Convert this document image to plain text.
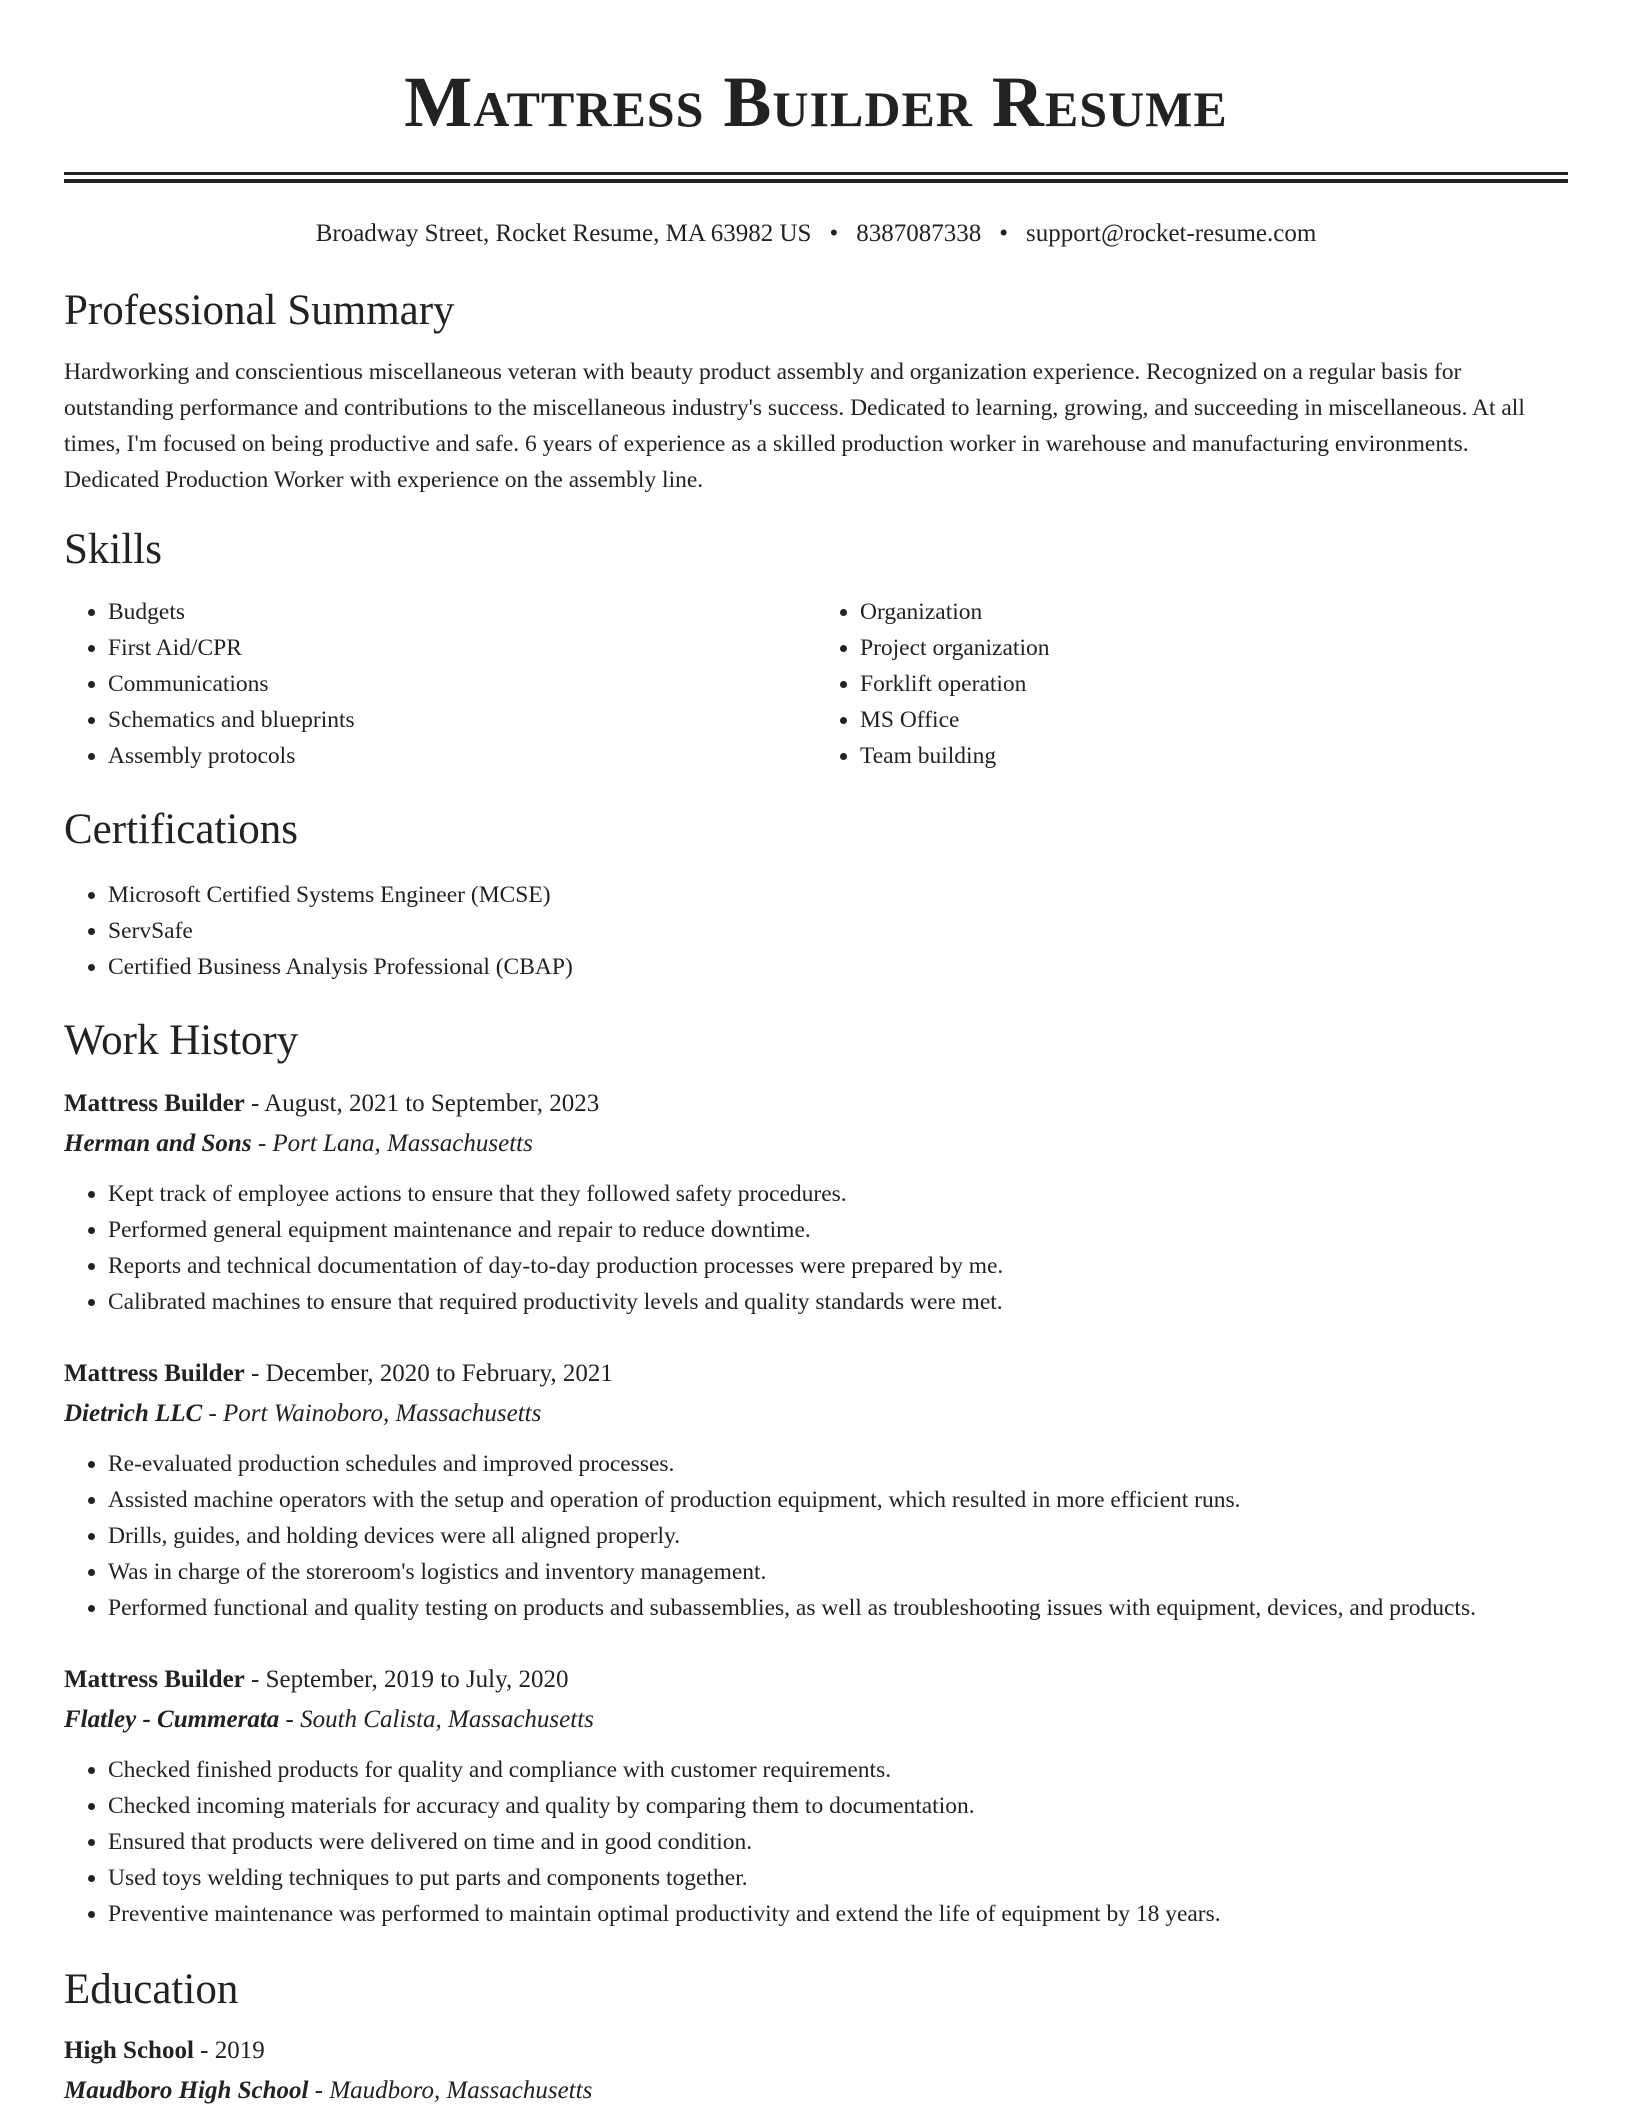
Mattress Builder Resume
Broadway Street, Rocket Resume, MA 63982 US • 8387087338 • support@rocket-resume.com
Professional Summary

Hardworking and conscientious miscellaneous veteran with beauty product assembly and organization experience. Recognized on a regular basis for outstanding performance and contributions to the miscellaneous industry's success. Dedicated to learning, growing, and succeeding in miscellaneous. At all times, I'm focused on being productive and safe. 6 years of experience as a skilled production worker in warehouse and manufacturing environments. Dedicated Production Worker with experience on the assembly line.

Skills
• Budgets
• First Aid/CPR
• Communications
• Schematics and blueprints
• Assembly protocols
• Organization
• Project organization
• Forklift operation
• MS Office
• Team building
Certifications
• Microsoft Certified Systems Engineer (MCSE)
• ServSafe
• Certified Business Analysis Professional (CBAP)
Work History
Mattress Builder - August, 2021 to September, 2023
Herman and Sons - Port Lana, Massachusetts
• Kept track of employee actions to ensure that they followed safety procedures.
• Performed general equipment maintenance and repair to reduce downtime.
• Reports and technical documentation of day-to-day production processes were prepared by me.
• Calibrated machines to ensure that required productivity levels and quality standards were met.
Mattress Builder - December, 2020 to February, 2021
Dietrich LLC - Port Wainoboro, Massachusetts
• Re-evaluated production schedules and improved processes.
• Assisted machine operators with the setup and operation of production equipment, which resulted in more efficient runs.
• Drills, guides, and holding devices were all aligned properly.
• Was in charge of the storeroom's logistics and inventory management.
• Performed functional and quality testing on products and subassemblies, as well as troubleshooting issues with equipment, devices, and products.
Mattress Builder - September, 2019 to July, 2020
Flatley - Cummerata - South Calista, Massachusetts
• Checked finished products for quality and compliance with customer requirements.
• Checked incoming materials for accuracy and quality by comparing them to documentation.
• Ensured that products were delivered on time and in good condition.
• Used toys welding techniques to put parts and components together.
• Preventive maintenance was performed to maintain optimal productivity and extend the life of equipment by 18 years.
Education
High School - 2019
Maudboro High School - Maudboro, Massachusetts
